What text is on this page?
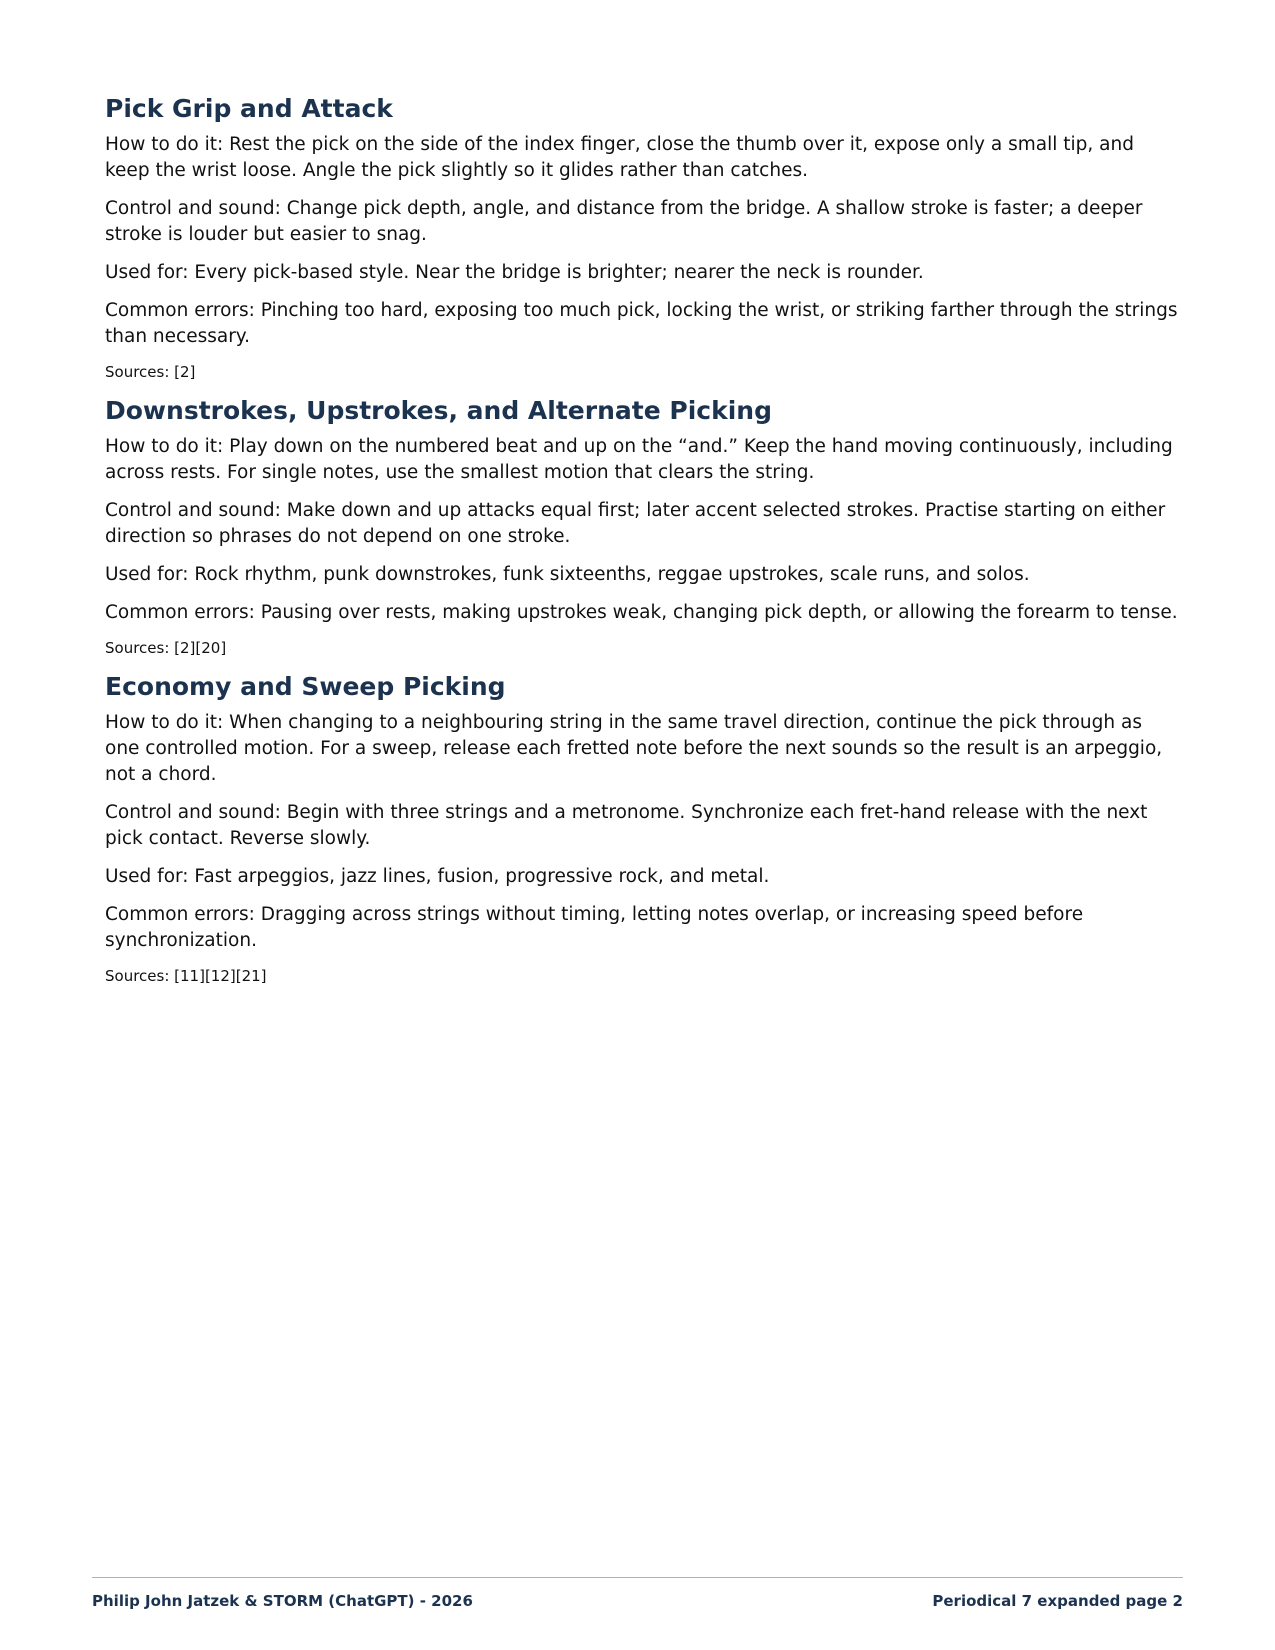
Pick Grip and Attack

How to do it: Rest the pick on the side of the index finger, close the thumb over it, expose only a small tip, and keep the wrist loose. Angle the pick slightly so it glides rather than catches.

Control and sound: Change pick depth, angle, and distance from the bridge. A shallow stroke is faster; a deeper stroke is louder but easier to snag.

Used for: Every pick-based style. Near the bridge is brighter; nearer the neck is rounder.

Common errors: Pinching too hard, exposing too much pick, locking the wrist, or striking farther through the strings than necessary.

Sources: [2]

Downstrokes, Upstrokes, and Alternate Picking

How to do it: Play down on the numbered beat and up on the “and.” Keep the hand moving continuously, including across rests. For single notes, use the smallest motion that clears the string.

Control and sound: Make down and up attacks equal first; later accent selected strokes. Practise starting on either direction so phrases do not depend on one stroke.

Used for: Rock rhythm, punk downstrokes, funk sixteenths, reggae upstrokes, scale runs, and solos.

Common errors: Pausing over rests, making upstrokes weak, changing pick depth, or allowing the forearm to tense.

Sources: [2][20]

Economy and Sweep Picking

How to do it: When changing to a neighbouring string in the same travel direction, continue the pick through as one controlled motion. For a sweep, release each fretted note before the next sounds so the result is an arpeggio, not a chord.

Control and sound: Begin with three strings and a metronome. Synchronize each fret-hand release with the next pick contact. Reverse slowly.

Used for: Fast arpeggios, jazz lines, fusion, progressive rock, and metal.

Common errors: Dragging across strings without timing, letting notes overlap, or increasing speed before synchronization.

Sources: [11][12][21]

Philip John Jatzek & STORM (ChatGPT) - 2026	Periodical 7 expanded page 2
